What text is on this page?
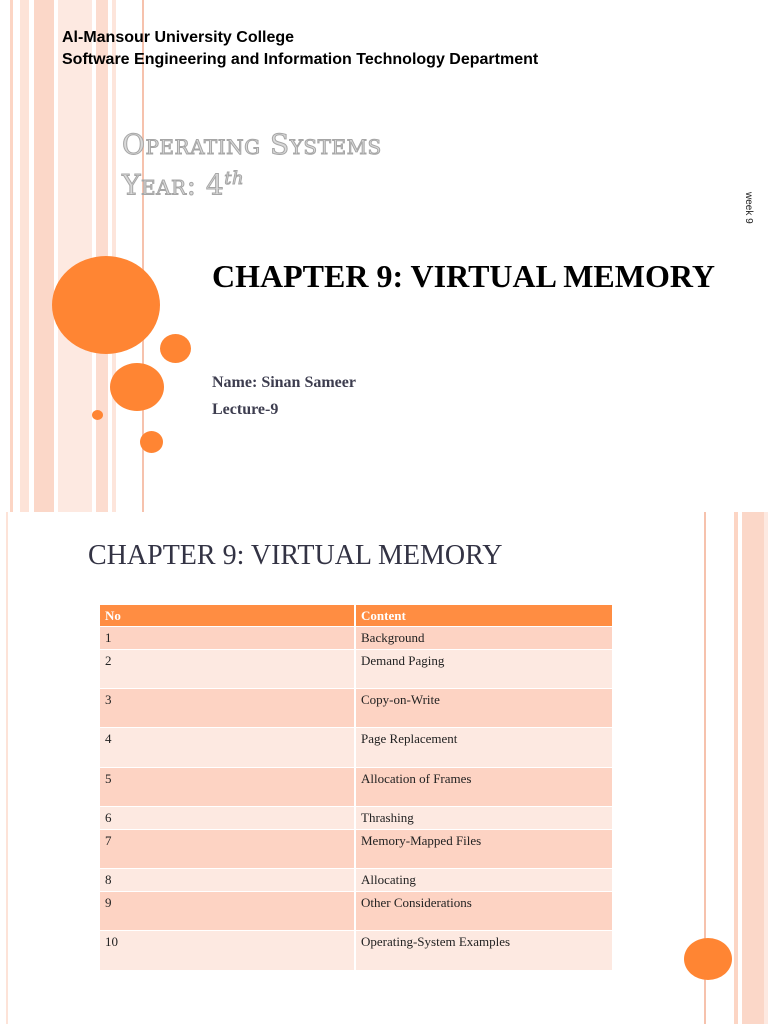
Al-Mansour University College
Software Engineering and Information Technology Department
Operating Systems
Year: 4th
week 9
CHAPTER 9: VIRTUAL MEMORY
Name: Sinan Sameer
Lecture-9
CHAPTER 9: VIRTUAL MEMORY
No	Content
1	Background
2	Demand Paging
3	Copy-on-Write
4	Page Replacement
5	Allocation of Frames
6	Thrashing
7	Memory-Mapped Files
8	Allocating
9	Other Considerations
10	Operating-System Examples
